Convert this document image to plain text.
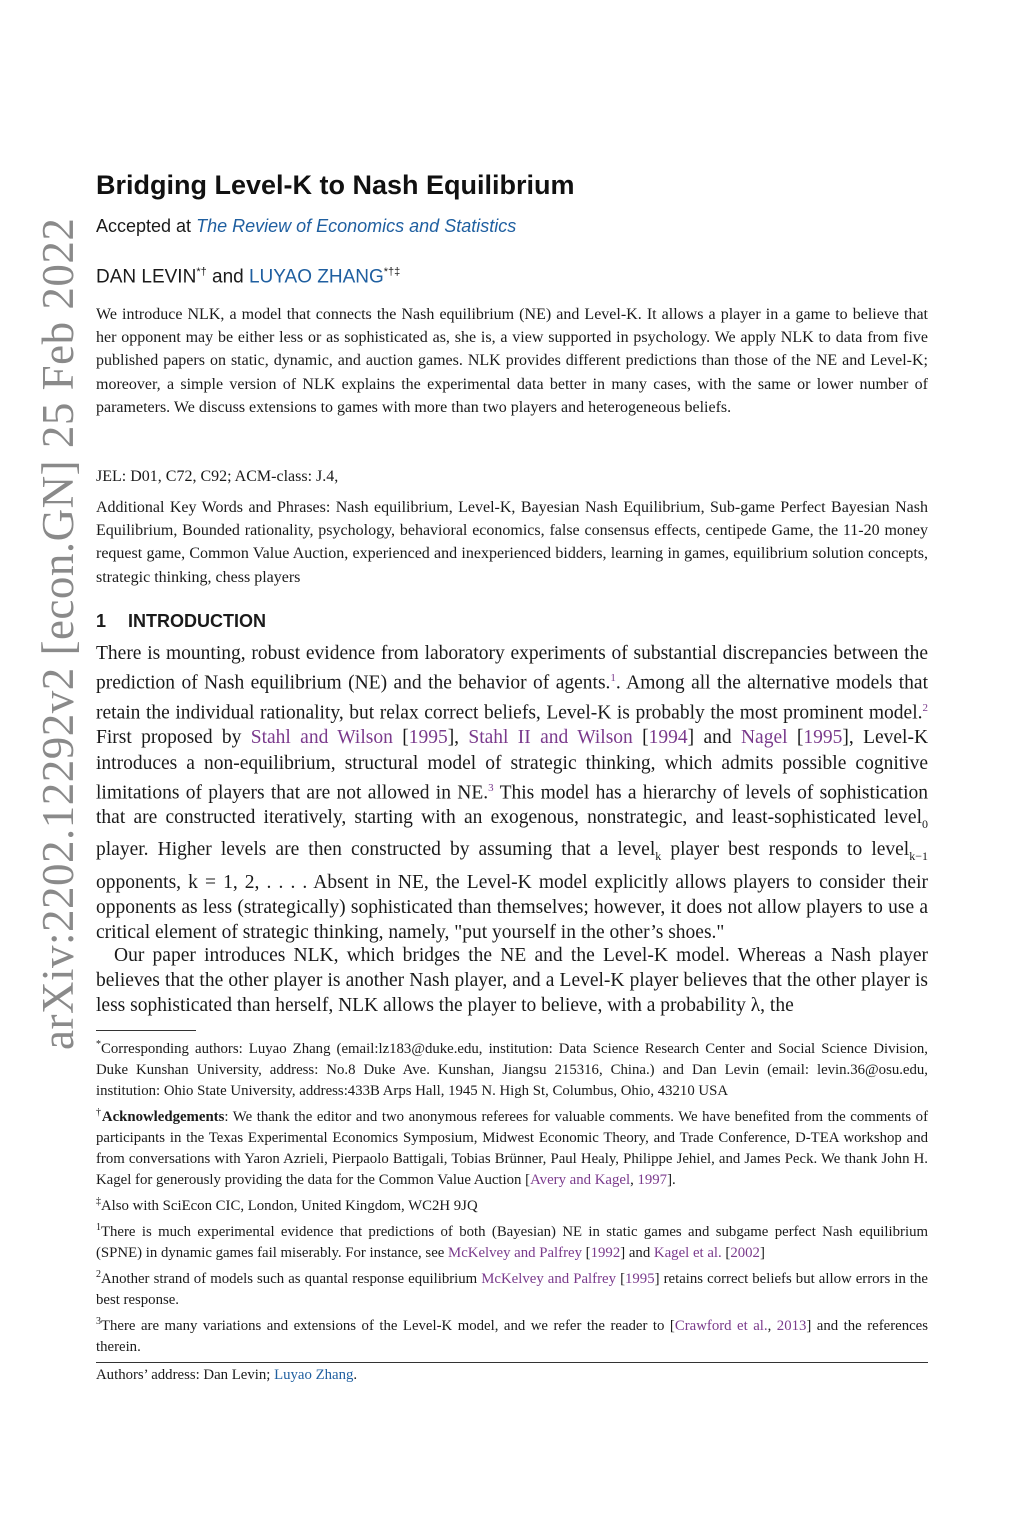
arXiv:2202.12292v2 [econ.GN] 25 Feb 2022
Bridging Level-K to Nash Equilibrium
Accepted at The Review of Economics and Statistics
DAN LEVIN*† and LUYAO ZHANG*†‡
We introduce NLK, a model that connects the Nash equilibrium (NE) and Level-K. It allows a player in a game to believe that her opponent may be either less or as sophisticated as, she is, a view supported in psychology. We apply NLK to data from five published papers on static, dynamic, and auction games. NLK provides different predictions than those of the NE and Level-K; moreover, a simple version of NLK explains the experimental data better in many cases, with the same or lower number of parameters. We discuss extensions to games with more than two players and heterogeneous beliefs.
JEL: D01, C72, C92; ACM-class: J.4,
Additional Key Words and Phrases: Nash equilibrium, Level-K, Bayesian Nash Equilibrium, Sub-game Perfect Bayesian Nash Equilibrium, Bounded rationality, psychology, behavioral economics, false consensus effects, centipede Game, the 11-20 money request game, Common Value Auction, experienced and inexperienced bidders, learning in games, equilibrium solution concepts, strategic thinking, chess players
1 INTRODUCTION
There is mounting, robust evidence from laboratory experiments of substantial discrepancies between the prediction of Nash equilibrium (NE) and the behavior of agents.$^1$. Among all the alternative models that retain the individual rationality, but relax correct beliefs, Level-K is probably the most prominent model.$^2$ First proposed by Stahl and Wilson [1995], Stahl II and Wilson [1994] and Nagel [1995], Level-K introduces a non-equilibrium, structural model of strategic thinking, which admits possible cognitive limitations of players that are not allowed in NE.$^3$ This model has a hierarchy of levels of sophistication that are constructed iteratively, starting with an exogenous, nonstrategic, and least-sophisticated level$_0$ player. Higher levels are then constructed by assuming that a level$_k$ player best responds to level$_{k-1}$ opponents, k = 1, 2, . . . . Absent in NE, the Level-K model explicitly allows players to consider their opponents as less (strategically) sophisticated than themselves; however, it does not allow players to use a critical element of strategic thinking, namely, "put yourself in the other’s shoes."
Our paper introduces NLK, which bridges the NE and the Level-K model. Whereas a Nash player believes that the other player is another Nash player, and a Level-K player believes that the other player is less sophisticated than herself, NLK allows the player to believe, with a probability λ, the

*Corresponding authors: Luyao Zhang (email:lz183@duke.edu, institution: Data Science Research Center and Social Science Division, Duke Kunshan University, address: No.8 Duke Ave. Kunshan, Jiangsu 215316, China.) and Dan Levin (email: levin.36@osu.edu, institution: Ohio State University, address:433B Arps Hall, 1945 N. High St, Columbus, Ohio, 43210 USA

†Acknowledgements: We thank the editor and two anonymous referees for valuable comments. We have benefited from the comments of participants in the Texas Experimental Economics Symposium, Midwest Economic Theory, and Trade Conference, D-TEA workshop and from conversations with Yaron Azrieli, Pierpaolo Battigali, Tobias Brünner, Paul Healy, Philippe Jehiel, and James Peck. We thank John H. Kagel for generously providing the data for the Common Value Auction [Avery and Kagel, 1997].

‡Also with SciEcon CIC, London, United Kingdom, WC2H 9JQ

$^1$There is much experimental evidence that predictions of both (Bayesian) NE in static games and subgame perfect Nash equilibrium (SPNE) in dynamic games fail miserably. For instance, see McKelvey and Palfrey [1992] and Kagel et al. [2002]

$^2$Another strand of models such as quantal response equilibrium McKelvey and Palfrey [1995] retains correct beliefs but allow errors in the best response.

$^3$There are many variations and extensions of the Level-K model, and we refer the reader to [Crawford et al., 2013] and the references therein.

Authors’ address: Dan Levin; Luyao Zhang.
